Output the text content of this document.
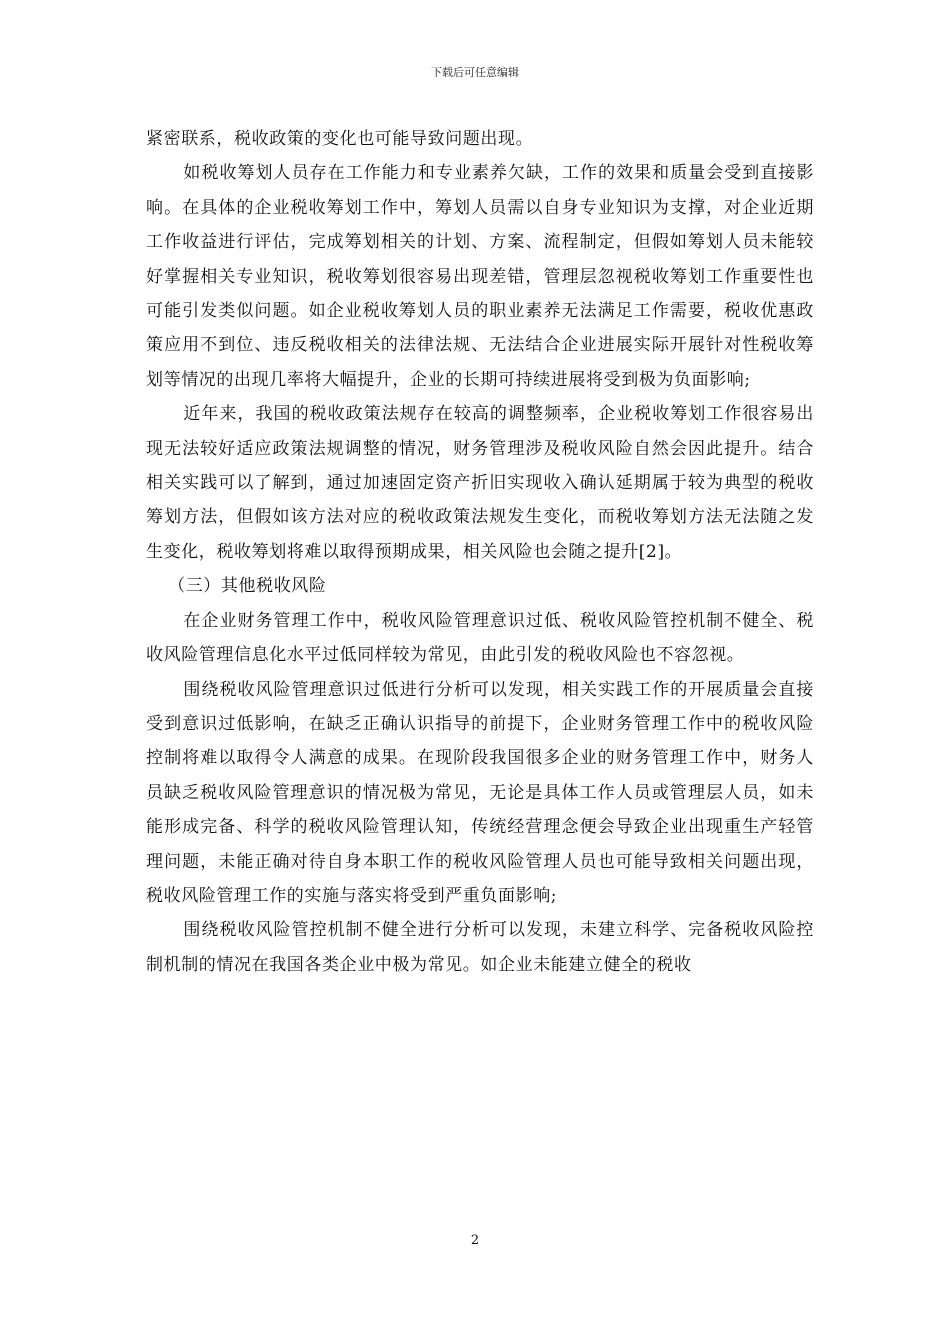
下载后可任意编辑

紧密联系，税收政策的变化也可能导致问题出现。

如税收筹划人员存在工作能力和专业素养欠缺，工作的效果和质量会受到直接影响。在具体的企业税收筹划工作中，筹划人员需以自身专业知识为支撑，对企业近期工作收益进行评估，完成筹划相关的计划、方案、流程制定，但假如筹划人员未能较好掌握相关专业知识，税收筹划很容易出现差错，管理层忽视税收筹划工作重要性也可能引发类似问题。如企业税收筹划人员的职业素养无法满足工作需要，税收优惠政策应用不到位、违反税收相关的法律法规、无法结合企业进展实际开展针对性税收筹划等情况的出现几率将大幅提升，企业的长期可持续进展将受到极为负面影响;

近年来，我国的税收政策法规存在较高的调整频率，企业税收筹划工作很容易出现无法较好适应政策法规调整的情况，财务管理涉及税收风险自然会因此提升。结合相关实践可以了解到，通过加速固定资产折旧实现收入确认延期属于较为典型的税收筹划方法，但假如该方法对应的税收政策法规发生变化，而税收筹划方法无法随之发生变化，税收筹划将难以取得预期成果，相关风险也会随之提升[2]。

（三）其他税收风险

在企业财务管理工作中，税收风险管理意识过低、税收风险管控机制不健全、税收风险管理信息化水平过低同样较为常见，由此引发的税收风险也不容忽视。

围绕税收风险管理意识过低进行分析可以发现，相关实践工作的开展质量会直接受到意识过低影响，在缺乏正确认识指导的前提下，企业财务管理工作中的税收风险控制将难以取得令人满意的成果。在现阶段我国很多企业的财务管理工作中，财务人员缺乏税收风险管理意识的情况极为常见，无论是具体工作人员或管理层人员，如未能形成完备、科学的税收风险管理认知，传统经营理念便会导致企业出现重生产轻管理问题，未能正确对待自身本职工作的税收风险管理人员也可能导致相关问题出现，税收风险管理工作的实施与落实将受到严重负面影响;

围绕税收风险管控机制不健全进行分析可以发现，未建立科学、完备税收风险控制机制的情况在我国各类企业中极为常见。如企业未能建立健全的税收

2
